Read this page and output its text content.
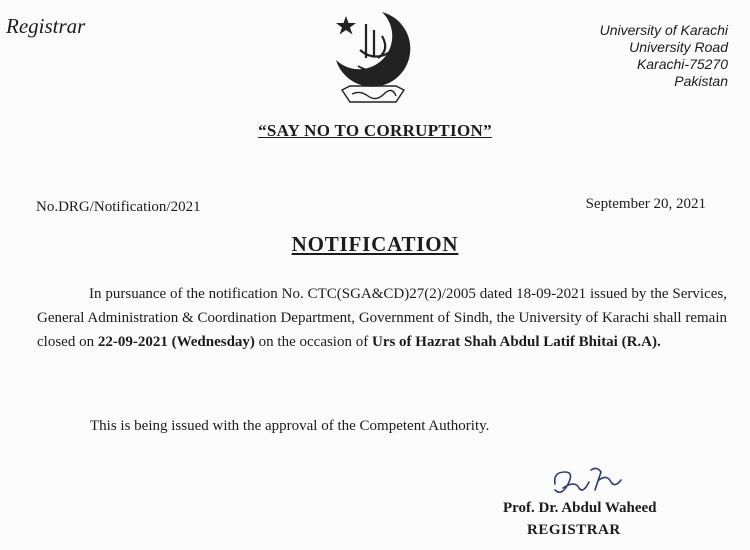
Registrar	University of Karachi
University Road
Karachi-75270
Pakistan
“SAY NO TO CORRUPTION”
No.DRG/Notification/2021	September 20, 2021
NOTIFICATION
In pursuance of the notification No. CTC(SGA&CD)27(2)/2005 dated 18-09-2021 issued by the Services, General Administration & Coordination Department, Government of Sindh, the University of Karachi shall remain closed on 22-09-2021 (Wednesday) on the occasion of Urs of Hazrat Shah Abdul Latif Bhitai (R.A).
This is being issued with the approval of the Competent Authority.
Prof. Dr. Abdul Waheed
REGISTRAR
